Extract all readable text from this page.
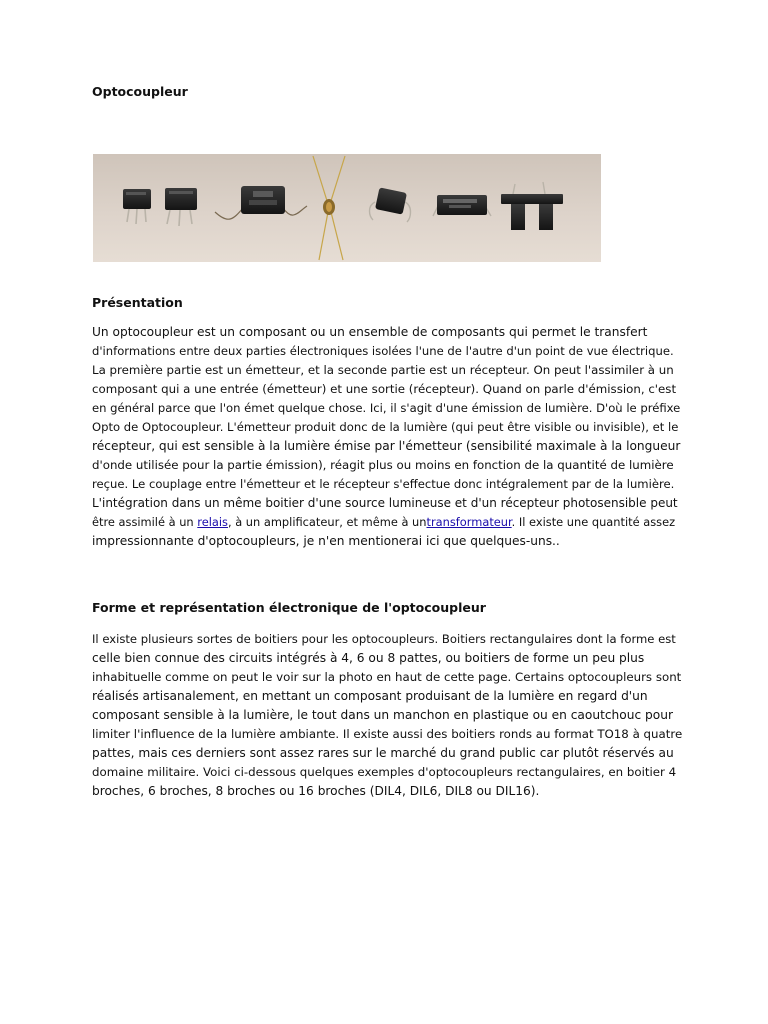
Optocoupleur
Présentation

Un optocoupleur est un composant ou un ensemble de composants qui permet le transfert
d'informations entre deux parties électroniques isolées l'une de l'autre d'un point de vue électrique.
La première partie est un émetteur, et la seconde partie est un récepteur. On peut l'assimiler à un
composant qui a une entrée (émetteur) et une sortie (récepteur). Quand on parle d'émission, c'est
en général parce que l'on émet quelque chose. Ici, il s'agit d'une émission de lumière. D'où le préfixe
Opto de Optocoupleur. L'émetteur produit donc de la lumière (qui peut être visible ou invisible), et le
récepteur, qui est sensible à la lumière émise par l'émetteur (sensibilité maximale à la longueur
d'onde utilisée pour la partie émission), réagit plus ou moins en fonction de la quantité de lumière
reçue. Le couplage entre l'émetteur et le récepteur s'effectue donc intégralement par de la lumière.
L'intégration dans un même boitier d'une source lumineuse et d'un récepteur photosensible peut
être assimilé à un relais, à un amplificateur, et même à untransformateur. Il existe une quantité assez
impressionnante d'optocoupleurs, je n'en mentionerai ici que quelques-uns..

Forme et représentation électronique de l'optocoupleur

Il existe plusieurs sortes de boitiers pour les optocoupleurs. Boitiers rectangulaires dont la forme est
celle bien connue des circuits intégrés à 4, 6 ou 8 pattes, ou boitiers de forme un peu plus
inhabituelle comme on peut le voir sur la photo en haut de cette page. Certains optocoupleurs sont
réalisés artisanalement, en mettant un composant produisant de la lumière en regard d'un
composant sensible à la lumière, le tout dans un manchon en plastique ou en caoutchouc pour
limiter l'influence de la lumière ambiante. Il existe aussi des boitiers ronds au format TO18 à quatre
pattes, mais ces derniers sont assez rares sur le marché du grand public car plutôt réservés au
domaine militaire. Voici ci-dessous quelques exemples d'optocoupleurs rectangulaires, en boitier 4
broches, 6 broches, 8 broches ou 16 broches (DIL4, DIL6, DIL8 ou DIL16).
